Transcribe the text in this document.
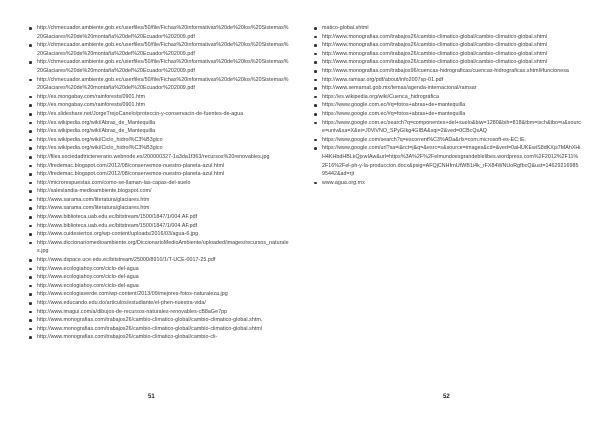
http://chmecuador.ambiente.gob.ec/userfiles/50/file/Fichas%20informativas%20de%20los%20Sistemas%20Glaciares%20de%20montaña%20del%20Ecuador%202009.pdf
http://chmecuador.ambiente.gob.ec/userfiles/50/file/Fichas%20informativas%20de%20los%20Sistemas%20Glaciares%20de%20montaña%20del%20Ecuador%202009.pdf
http://chmecuador.ambiente.gob.ec/userfiles/50/file/Fichas%20informativas%20de%20los%20Sistemas%20Glaciares%20de%20montaña%20del%20Ecuador%202009.pdf
http://chmecuador.ambiente.gob.ec/userfiles/50/file/Fichas%20informativas%20de%20los%20Sistemas%20Glaciares%20de%20montaña%20del%20Ecuador%202009.pdf
http://es.mongabay.com/rainforests/0901.htm
http://es.mongabay.com/rainforests/0901.htm
http://es.slideshare.net/JorgeTrejoCanelo/proteccin-y-conservacin-de-fuentes-de-agua
http://es.wikipedia.org/wiki/Abras_de_Mantequilla
http://es.wikipedia.org/wiki/Abras_de_Mantequilla
http://es.wikipedia.org/wiki/Ciclo_hidrol%C3%B3gico
http://es.wikipedia.org/wiki/Ciclo_hidrol%C3%B3gico
http://files.sociedadtrictenerario.webnode.es/200000327-1a3da1f363/recursos%20renovables.jpg
http://fredemac.blogspot.com/2012/08/conservemos-nuestro-planeta-azul.html
http://fredemac.blogspot.com/2012/08/conservemos-nuestro-planeta-azul.html
http://microrespuestas.com/como-se-llaman-las-capas-del-suelo
http://saleslandia-medioambiente.blogspot.com/
http://www.sarama.com/literatura/glaciares.htm
http://www.sarama.com/literatura/glaciares.htm
http://www.biblioteca.uab.edu.ec/bitstream/1500/1847/1/004.AF.pdf
http://www.biblioteca.uab.edu.ec/bitstream/1500/1847/1/004.AF.pdf
http://www.cuidesiertos.org/wp-content/uploads/2016/03/agua-6.jpg
http://www.diccionariomedioambiente.org/DiccionarioMedioAmbiente/uploaded/images/recursos_naturales.jpg
http://www.dspace.uce.edu.ec/bitstream/25000/8910/1/T-UCE-0017-25.pdf
http://www.ecologiahoy.com/ciclo-del-agua
http://www.ecologiahoy.com/ciclo-del-agua
http://www.ecologiahoy.com/ciclo-del-agua
http://www.ecologiaverde.com/wp-content/2013/09/mejores-fotos-naturaleza.jpg
http://www.educando.edu.do/articulos/estudiante/el-phen-nuestra-vida/
http://www.imagui.com/a/dibujos-de-recursos-naturales-renovables-cB8aGe7pp
http://www.monografias.com/trabajos26/cambio-climatico-global/cambio-climatico-global.shtm.
http://www.monografias.com/trabajos26/cambio-climatico-global/cambio-climatico-global.shtml
http://www.monografias.com/trabajos26/cambio-climatico-global/cambio-cli-
matico-global.shtml
http://www.monografias.com/trabajos26/cambio-climatico-global/cambio-climatico-global.shtml
http://www.monografias.com/trabajos26/cambio-climatico-global/cambio-climatico-global.shtml
http://www.monografias.com/trabajos26/cambio-climatico-global/cambio-climatico-global.shtml
http://www.monografias.com/trabajos26/cambio-climatico-global/cambio-climatico-global.shtml
http://www.monografias.com/trabajos96/cuencas-hidrograficas/cuencas-hidrograficas.shtml#funcionesa
http://www.ramsar.org/pdf/about/info2007sp-01.pdf
http://www.semarnat.gob.mx/temas/agenda-internacional/ramsar
https://es.wikipedia.org/wiki/Cuenca_hidrográfica
https://www.google.com.ec/#q=fotos+abras+de+mantequilla
https://www.google.com.ec/#q=fotos+abras+de+mantequilla
https://www.google.com.ec/search?q=componentes+del+suelo&biw=1280&bih=818&tbm=isch&tbo=u&source=univ&sa=X&ei=J0ViVNO_SPyGIkg4GIBA&sqi=2&ved=0CBcQsAQ
https://www.google.com/search?q=escorrent%C3%ADa&rls=com.microsoft-es-EC:IE.
https://www.google.com/url?sa=i&rct=j&q=&esrc=s&source=images&cd=&ved=0aHUKEwiS8dKXjs7MAhXHiH4KHbdHBLkQjxwIAw&url=https%3A%2F%2Felmundoesgrandeblelibes.wordpress.com%2F2012%2F11%2F16%2Fel-ph-y-la-produccion.docx&psig=AFQjCNHfrnUtWB1i4k_rFX84WNUoRgfbcQ&ust=1462921698595442&ad=rjt
www.agua.org.mx
51	52
